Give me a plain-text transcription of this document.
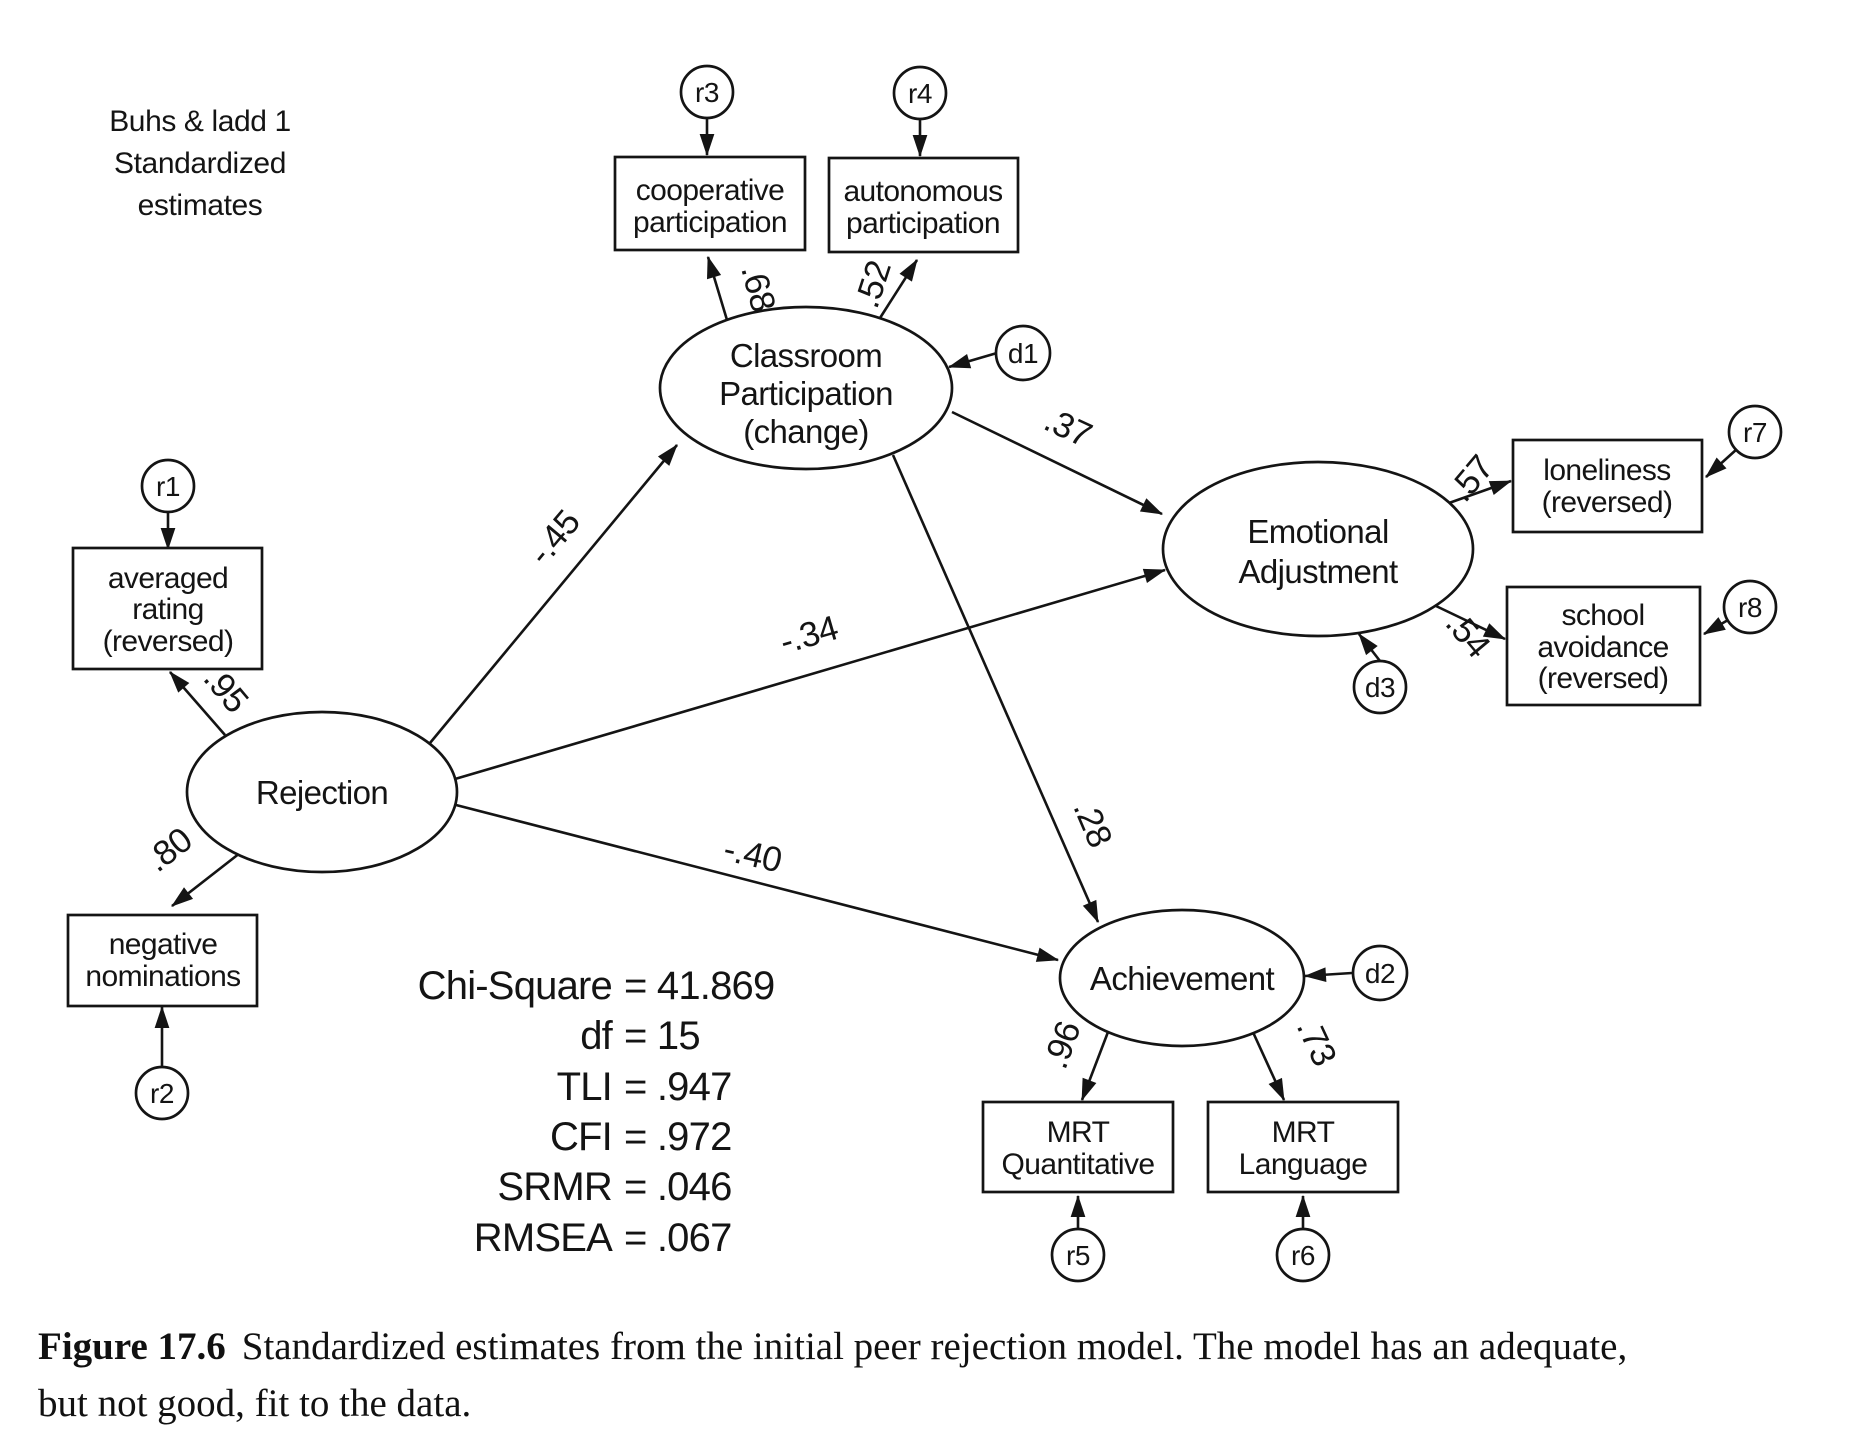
Buhs & ladd 1
Standardized estimates
Classroom
Participation
(change)
Emotional
Adjustment
Rejection
Achievement
cooperative
participation
autonomous
participation
averaged
rating
(reversed)
negative
nominations
loneliness
(reversed)
school
avoidance
(reversed)
MRT
Quantitative
MRT
Language
r1
r2
r3	r4
r5	r6
r7
r8
d1
d2
d3
-.45
-.34
-.40
.37
.28
.68 .52
.95
.80
.57
.54
.96	.73
Chi-Square = 41.869
df = 15
TLI = .947
CFI = .972
SRMR = .046
RMSEA = .067
Figure 17.6 Standardized estimates from the initial peer rejection model. The model has an adequate,
but not good, fit to the data.
